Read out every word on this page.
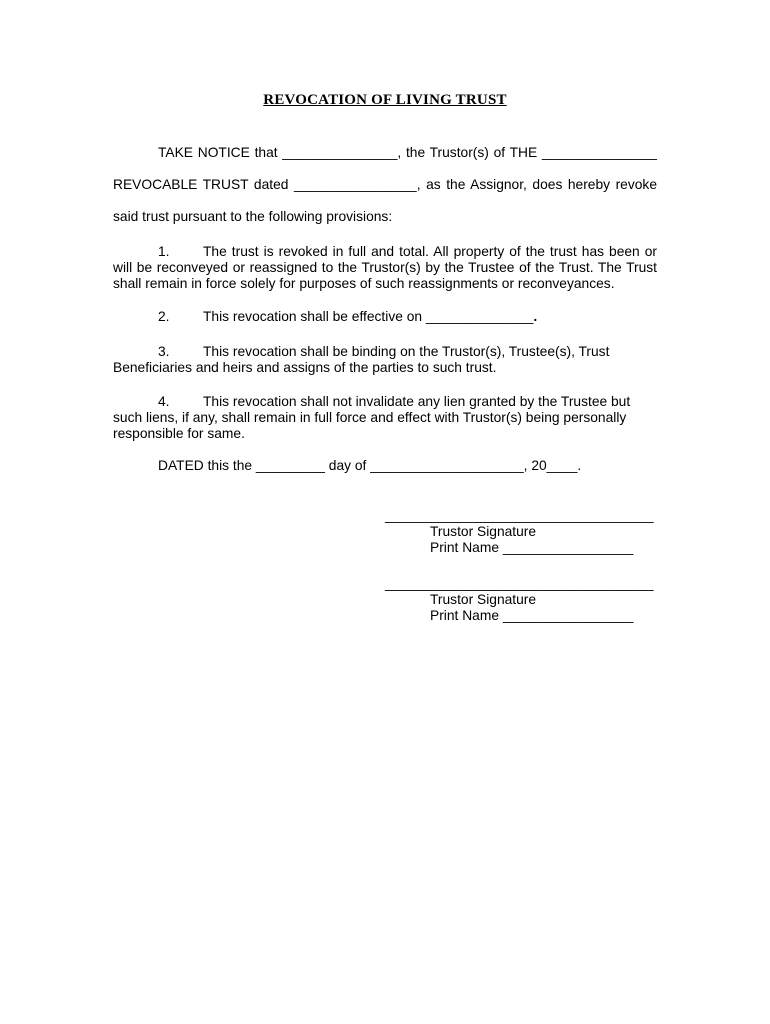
REVOCATION OF LIVING TRUST
TAKE NOTICE that _______________, the Trustor(s) of THE _______________
REVOCABLE TRUST dated ________________, as the Assignor, does hereby revoke
said trust pursuant to the following provisions:
1. The trust is revoked in full and total. All property of the trust has been or
will be reconveyed or reassigned to the Trustor(s) by the Trustee of the Trust. The Trust
shall remain in force solely for purposes of such reassignments or reconveyances.
2. This revocation shall be effective on ______________.
3. This revocation shall be binding on the Trustor(s), Trustee(s), Trust
Beneficiaries and heirs and assigns of the parties to such trust.
4. This revocation shall not invalidate any lien granted by the Trustee but
such liens, if any, shall remain in full force and effect with Trustor(s) being personally
responsible for same.
DATED this the _________ day of ____________________, 20____.
___________________________________
Trustor Signature
Print Name _________________
___________________________________
Trustor Signature
Print Name _________________
